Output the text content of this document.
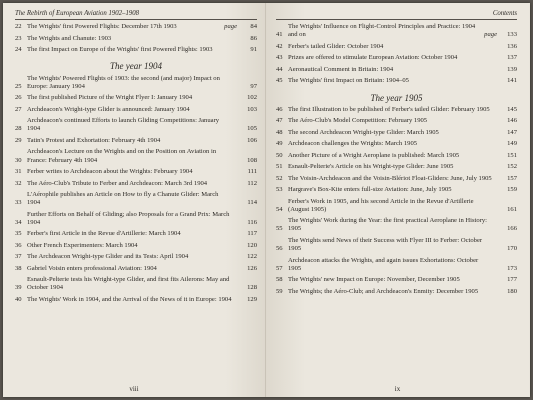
The Rebirth of European Aviation 1902–1908
22 The Wrights' first Powered Flights: December 17th 1903	page	84
23 The Wrights and Chanute: 1903	86
24 The first Impact on Europe of the Wrights' first Powered Flights: 1903	91
The year 1904
25
The Wrights' Powered Flights of 1903: the second (and major) Impact on Europe: January 1904	97
26 The first published Picture of the Wright Flyer I: January 1904	102
27 Archdeacon's Wright-type Glider is announced: January 1904	103
28
Archdeacon's continued Efforts to launch Gliding Competitions: January 1904	105
29 Tatin's Protest and Exhortation: February 4th 1904	106
30
Archdeacon's Lecture on the Wrights and on the Position on Aviation in France: February 4th 1904	108
31 Ferber writes to Archdeacon about the Wrights: February 1904	111
32 The Aéro-Club's Tribute to Ferber and Archdeacon: March 3rd 1904	112
33
L'Aérophile publishes an Article on How to fly a Chanute Glider: March 1904	114
34
Further Efforts on Behalf of Gliding; also Proposals for a Grand Prix: March 1904	116
35 Ferber's first Article in the Revue d'Artillerie: March 1904	117
36 Other French Experimenters: March 1904	120
37 The Archdeacon Wright-type Glider and its Tests: April 1904	122
38 Gabriel Voisin enters professional Aviation: 1904	126
39
Esnault-Pelterie tests his Wright-type Glider, and first fits Ailerons: May and October 1904	128
40 The Wrights' Work in 1904, and the Arrival of the News of it in Europe: 1904	129
viii
Contents
41
The Wrights' Influence on Flight-Control Principles and Practice: 1904 and on	page	133
42 Ferber's tailed Glider: October 1904	136
43 Prizes are offered to stimulate European Aviation: October 1904	137
44 Aeronautical Comment in Britain: 1904	139
45 The Wrights' first Impact on Britain: 1904–05	141
The year 1905
46 The first Illustration to be published of Ferber's tailed Glider: February 1905	145
47 The Aéro-Club's Model Competition: February 1905	146
48 The second Archdeacon Wright-type Glider: March 1905	147
49 Archdeacon challenges the Wrights: March 1905	149
50 Another Picture of a Wright Aeroplane is published: March 1905	151
51 Esnault-Pelterie's Article on his Wright-type Glider: June 1905	152
52 The Voisin-Archdeacon and the Voisin-Blériot Float-Gliders: June, July 1905	157
53 Hargrave's Box-Kite enters full-size Aviation: June, July 1905	159
54
Ferber's Work in 1905, and his second Article in the Revue d'Artillerie (August 1905)	161
55
The Wrights' Work during the Year: the first practical Aeroplane in History: 1905	166
56
The Wrights send News of their Success with Flyer III to Ferber: October 1905	170
57
Archdeacon attacks the Wrights, and again issues Exhortations: October 1905	173
58 The Wrights' new Impact on Europe: November, December 1905	177
59 The Wrights; the Aéro-Club; and Archdeacon's Enmity: December 1905	180
ix
